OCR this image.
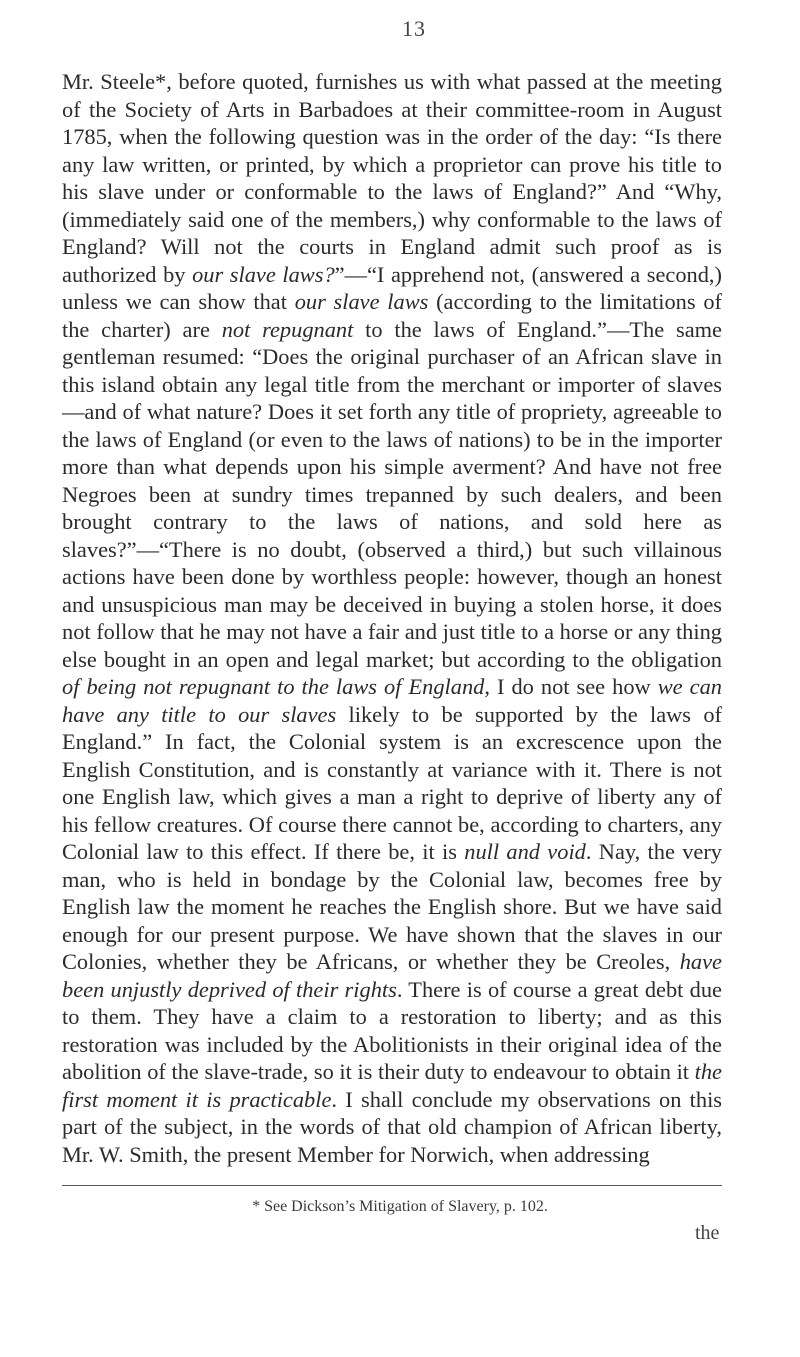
13

Mr. Steele*, before quoted, furnishes us with what passed at the meeting of the Society of Arts in Barbadoes at their committee-room in August 1785, when the following question was in the order of the day: “Is there any law written, or printed, by which a proprietor can prove his title to his slave under or conformable to the laws of England?” And “Why, (immediately said one of the members,) why conformable to the laws of England? Will not the courts in England admit such proof as is authorized by our slave laws?”—“I apprehend not, (answered a second,) unless we can show that our slave laws (according to the limitations of the charter) are not repugnant to the laws of England.”—The same gentleman resumed: “Does the original purchaser of an African slave in this island obtain any legal title from the merchant or importer of slaves—and of what nature? Does it set forth any title of propriety, agreeable to the laws of England (or even to the laws of nations) to be in the importer more than what depends upon his simple averment? And have not free Negroes been at sundry times trepanned by such dealers, and been brought contrary to the laws of nations, and sold here as slaves?”—“There is no doubt, (observed a third,) but such villainous actions have been done by worthless people: however, though an honest and unsuspicious man may be deceived in buying a stolen horse, it does not follow that he may not have a fair and just title to a horse or any thing else bought in an open and legal market; but according to the obligation of being not repugnant to the laws of England, I do not see how we can have any title to our slaves likely to be supported by the laws of England.” In fact, the Colonial system is an excrescence upon the English Constitution, and is constantly at variance with it. There is not one English law, which gives a man a right to deprive of liberty any of his fellow creatures. Of course there cannot be, according to charters, any Colonial law to this effect. If there be, it is null and void. Nay, the very man, who is held in bondage by the Colonial law, becomes free by English law the moment he reaches the English shore. But we have said enough for our present purpose. We have shown that the slaves in our Colonies, whether they be Africans, or whether they be Creoles, have been unjustly deprived of their rights. There is of course a great debt due to them. They have a claim to a restoration to liberty; and as this restoration was included by the Abolitionists in their original idea of the abolition of the slave-trade, so it is their duty to endeavour to obtain it the first moment it is practicable. I shall conclude my observations on this part of the subject, in the words of that old champion of African liberty, Mr. W. Smith, the present Member for Norwich, when addressing

* See Dickson’s Mitigation of Slavery, p. 102.
the
